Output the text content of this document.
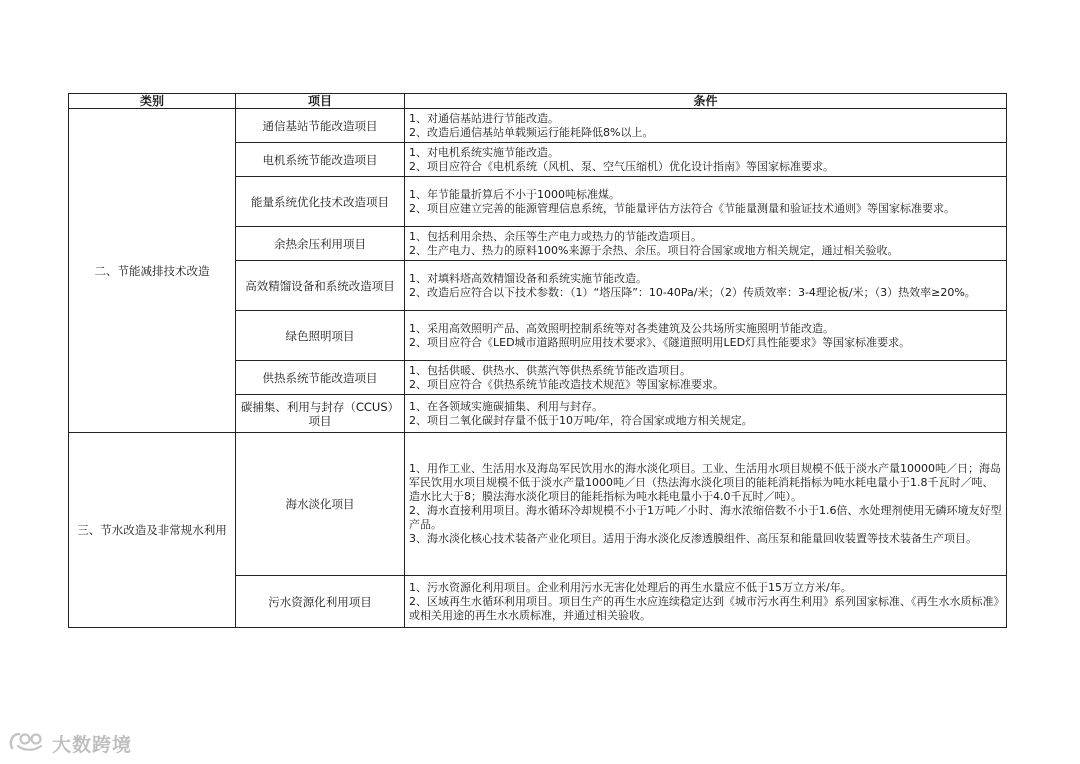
类别	项目	条件
二、节能减排技术改造	通信基站节能改造项目	1、对通信基站进行节能改造。
2、改造后通信基站单载频运行能耗降低8%以上。

	电机系统节能改造项目	1、对电机系统实施节能改造。
2、项目应符合《电机系统（风机、泵、空气压缩机）优化设计指南》等国家标准要求。

	能量系统优化技术改造项目	1、年节能量折算后不小于1000吨标准煤。
2、项目应建立完善的能源管理信息系统，节能量评估方法符合《节能量测量和验证技术通则》等国家标准要求。

	余热余压利用项目	1、包括利用余热、余压等生产电力或热力的节能改造项目。
2、生产电力、热力的原料100%来源于余热、余压。项目符合国家或地方相关规定，通过相关验收。

	高效精馏设备和系统改造项目	1、对填料塔高效精馏设备和系统实施节能改造。
2、改造后应符合以下技术参数：（1）“塔压降”：10-40Pa/米；（2）传质效率：3-4理论板/米；（3）热效率≥20%。

	绿色照明项目	1、采用高效照明产品、高效照明控制系统等对各类建筑及公共场所实施照明节能改造。
2、项目应符合《LED城市道路照明应用技术要求》、《隧道照明用LED灯具性能要求》等国家标准要求。

	供热系统节能改造项目	1、包括供暖、供热水、供蒸汽等供热系统节能改造项目。
2、项目应符合《供热系统节能改造技术规范》等国家标准要求。

	碳捕集、利用与封存（CCUS）项目	1、在各领域实施碳捕集、利用与封存。
2、项目二氧化碳封存量不低于10万吨/年，符合国家或地方相关规定。

三、节水改造及非常规水利用	海水淡化项目	1、用作工业、生活用水及海岛军民饮用水的海水淡化项目。工业、生活用水项目规模不低于淡水产量10000吨／日；海岛军民饮用水项目规模不低于淡水产量1000吨／日（热法海水淡化项目的能耗消耗指标为吨水耗电量小于1.8千瓦时／吨、造水比大于8；膜法海水淡化项目的能耗指标为吨水耗电量小于4.0千瓦时／吨）。
2、海水直接利用项目。海水循环冷却规模不小于1万吨／小时、海水浓缩倍数不小于1.6倍、水处理剂使用无磷环境友好型产品。
3、海水淡化核心技术装备产业化项目。适用于海水淡化反渗透膜组件、高压泵和能量回收装置等技术装备生产项目。

	污水资源化利用项目	1、污水资源化利用项目。企业利用污水无害化处理后的再生水量应不低于15万立方米/年。
2、区域再生水循环利用项目。项目生产的再生水应连续稳定达到《城市污水再生利用》系列国家标准、《再生水水质标准》或相关用途的再生水水质标准，并通过相关验收。
大数跨境
